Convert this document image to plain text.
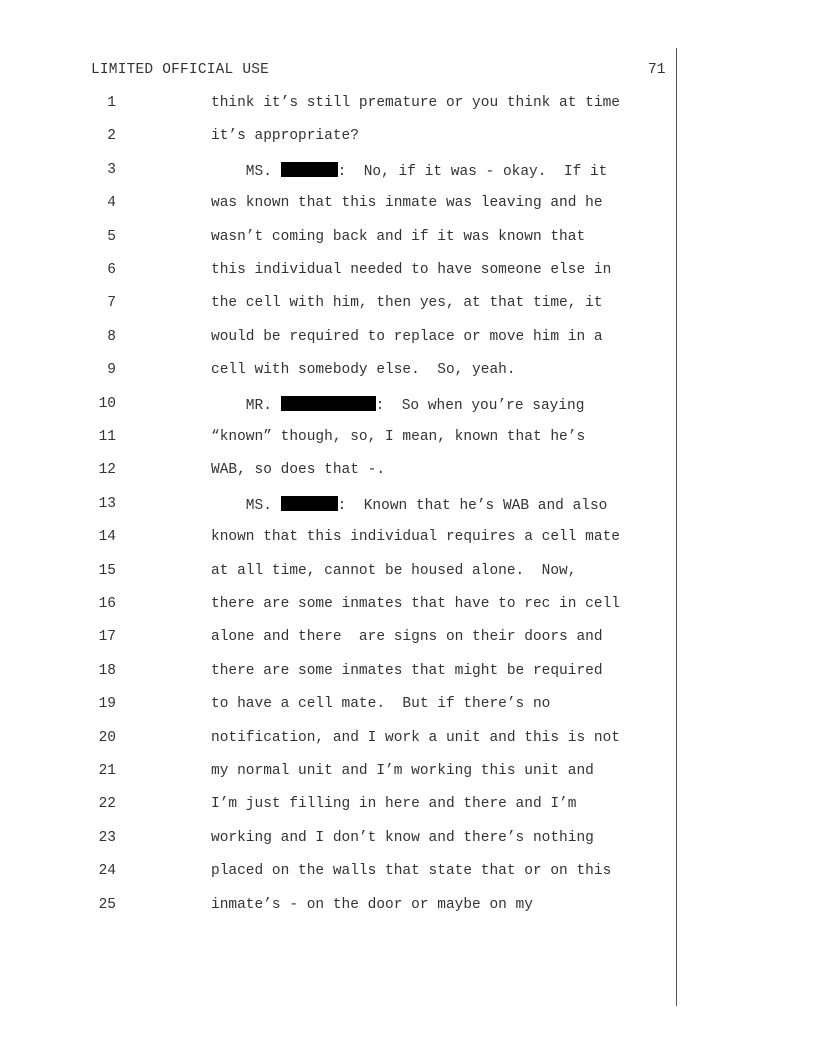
LIMITED OFFICIAL USE	71
1	think it’s still premature or you think at time
2	it’s appropriate?
3	MS.	:  No, if it was - okay.  If it
4	was known that this inmate was leaving and he
5	wasn’t coming back and if it was known that
6	this individual needed to have someone else in
7	the cell with him, then yes, at that time, it
8	would be required to replace or move him in a
9	cell with somebody else.  So, yeah.
10	MR.	:  So when you’re saying
11	“known” though, so, I mean, known that he’s
12	WAB, so does that -.
13	MS.	:  Known that he’s WAB and also
14	known that this individual requires a cell mate
15	at all time, cannot be housed alone.  Now,
16	there are some inmates that have to rec in cell
17	alone and there  are signs on their doors and
18	there are some inmates that might be required
19	to have a cell mate.  But if there’s no
20	notification, and I work a unit and this is not
21	my normal unit and I’m working this unit and
22	I’m just filling in here and there and I’m
23	working and I don’t know and there’s nothing
24	placed on the walls that state that or on this
25	inmate’s - on the door or maybe on my
